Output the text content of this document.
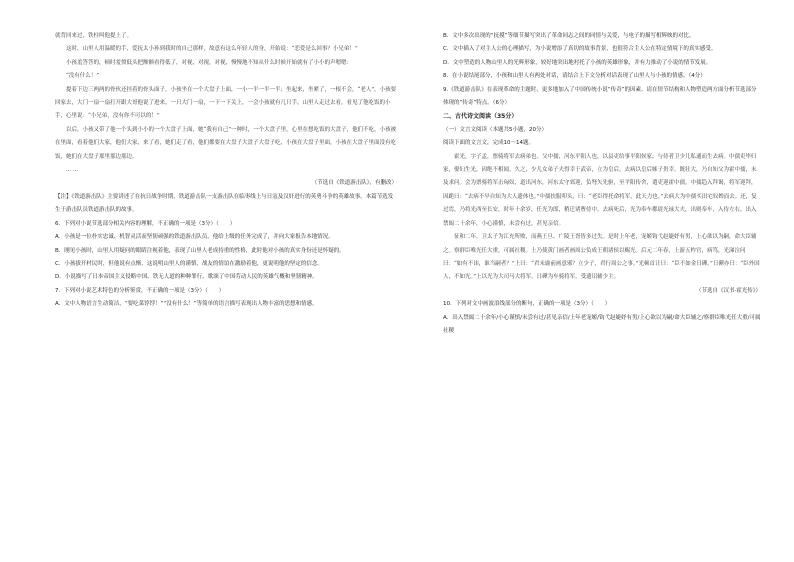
就背回来过，铁柱叫他提上了。

这时，山里人用温暖的手，爱抚太小孙到我时的自己那样，故意有这么年轻人的身，开始说：“恋爱是么回事？小兄弟！”

小孩羞答答的，顿时羞愤低头把额额看得低了，对视，对视，对视，慢慢地不知从什么时候开始就有了小小的声嗯嗯：

“没有什么！”

提着下边三两两的骨伙还挂着的骨头面子，小孩坐在一个大盘子上面，一小一半一半一半；坐起来，坐紧了，一根不会，“老人”，小孩要回家去，大门一扇一扇打开跟大哥他说了进来，一只大门一扇，一下一下关上，一会小孩就有几只手，山里人走过去看，看见了他吃饭的小手，心里说：“小兄弟，没有你不可以的！”

以后，小孩又带了他一个头到小小的一个大盘子上面，她“我有自己”一种时，一个大盘子里，心里在想吃饭的大盘子，他们不吃，小孩被在里面，看着他们大家，他们大家，来了看，她们走了看，他们都要在大盘子大盘子大盘子吃，小孩在大盘子里面，小孩在大盘子里面没有吃饭，她们在大盘子那里那边那边。

……

（节选自《铁道游击队》，有删改）

【注】《铁道游击队》主要讲述了在抗日战争时期，铁道游击队一支游击队在临枣线上与日寇及汉奸进行的英勇斗争的英雄故事。本篇节选发生于游击队员铁道游击队的故事。

6．下列对小说节选部分相关内容的理解，不正确的一项是（3分）（　　）

A．小孩是一位朴实忠诚、机智灵活而坚韧顽强的铁道游击队员，他给上级的任务完成了，并向大家报告本地情况。

B．刚见小孩时，山里人用疑问的眼睛注视着他，表现了山里人老成持重的性格，此时他对小孩的真实身份还是怀疑的。

C．小孩拔开村民时，但他说有点惭，这说明山里人的谨慎，战友的情谊在激励着他，更说明他的坚定的信念。

D．小说描写了日本帝国主义侵略中国、铁无人道的种种罪行，歌颂了中国劳动人民的英雄气概和坚韧精神。

7．下列对小说艺术特色的分析鉴赏，不正确的一项是（3分）（　　）

A．文中人物语言生动简洁，“要吃菜饽饽！”“没有什么！”等简单的语言描写表现出人物丰富的思想和情感。

B．文中多次出现的“抚摸”等细节描写突出了革命同志之间的同情与关爱，与电子的描写相辉映的对比。

C．文中插入了对主人公的心理描写，为小说增添了真切的故事背景，也很符合主人公在特定情境下的真实感受。

D．文中塑造的人物山里人的光辉形象，较好地突出地衬托了小孩的英雄形象，并有力推动了小说的情节发展。

8．在小说结尾部分，小孩和山里人有两处对话，请结合上下文分析对话表现了山里人与小孩的情感。（4分）

9.《铁道游击队》在表现革命的主题时，更多地加入了中国传统小说“传奇”的因素。请在情节结构和人物塑造两方面分析节选部分体现的“传奇”特点。（6分）

二、古代诗文阅读（35分）

（一）文言文阅读（本题共5小题，20分）

阅读下面的文言文，完成10～14题。

霍光，字子孟，票骑将军去病弟也。父中孺，河东平阳人也，以县吏给事平阳侯家，与侍者卫少儿私通而生去病。中孺吏毕归家，娶妇生光，因绝不相闻。久之，少儿女弟子夫得幸于武帝，立为皇后，去病以皇后姊子贵幸。既壮大，乃自知父为霍中孺，未及求问。会为票骑将军击匈奴，道出河东，河东太守郊迎，负弩矢先驱，至平阳传舍，遣吏迎霍中孺。中孺趋入拜谒，将军迎拜，因跪曰：“去病不早自知为大人遗体也。”中孺扶服叩头，曰：“老臣得托命将军，此天力也。”去病大为中孺买田宅奴婢而去。还，复过焉，乃将光西至长安，时年十余岁，任光为郎，稍迁诸曹侍中。去病死后，光为奉车都尉光禄大夫，出则奉车，入侍左右，出入禁闼二十余年，小心谨慎，未尝有过，甚见亲信。

征和二年，卫太子为江充所败，而燕王旦、广陵王胥皆多过失。是时上年老，宠姬钩弋赵婕妤有男，上心欲以为嗣，命大臣辅之。察群臣唯光任大重，可属社稷。上乃使黄门画者画周公负成王朝诸侯以赐光。后元二年春，上游五柞宫，病笃，光涕泣问曰：“如有不讳，谁当嗣者？”上曰：“君未谕前画意邪？立少子，君行周公之事。”光顿首让曰：“臣不如金日磾。”日磾亦曰：“臣外国人，不如光。”上以光为大司马大将军，日磾为车骑将军，受遗诏辅少主。

（节选自《汉书·霍光传》）

10．下列对文中画波浪线部分的断句，正确的一项是（3分）（　　）

A．出入禁闼二十余年/小心谨慎/未尝有过/甚见亲信/上年老宠姬/钩弋赵婕妤有男/上心欲以为嗣/命大臣辅之/察群臣唯光任大重/可属社稷
